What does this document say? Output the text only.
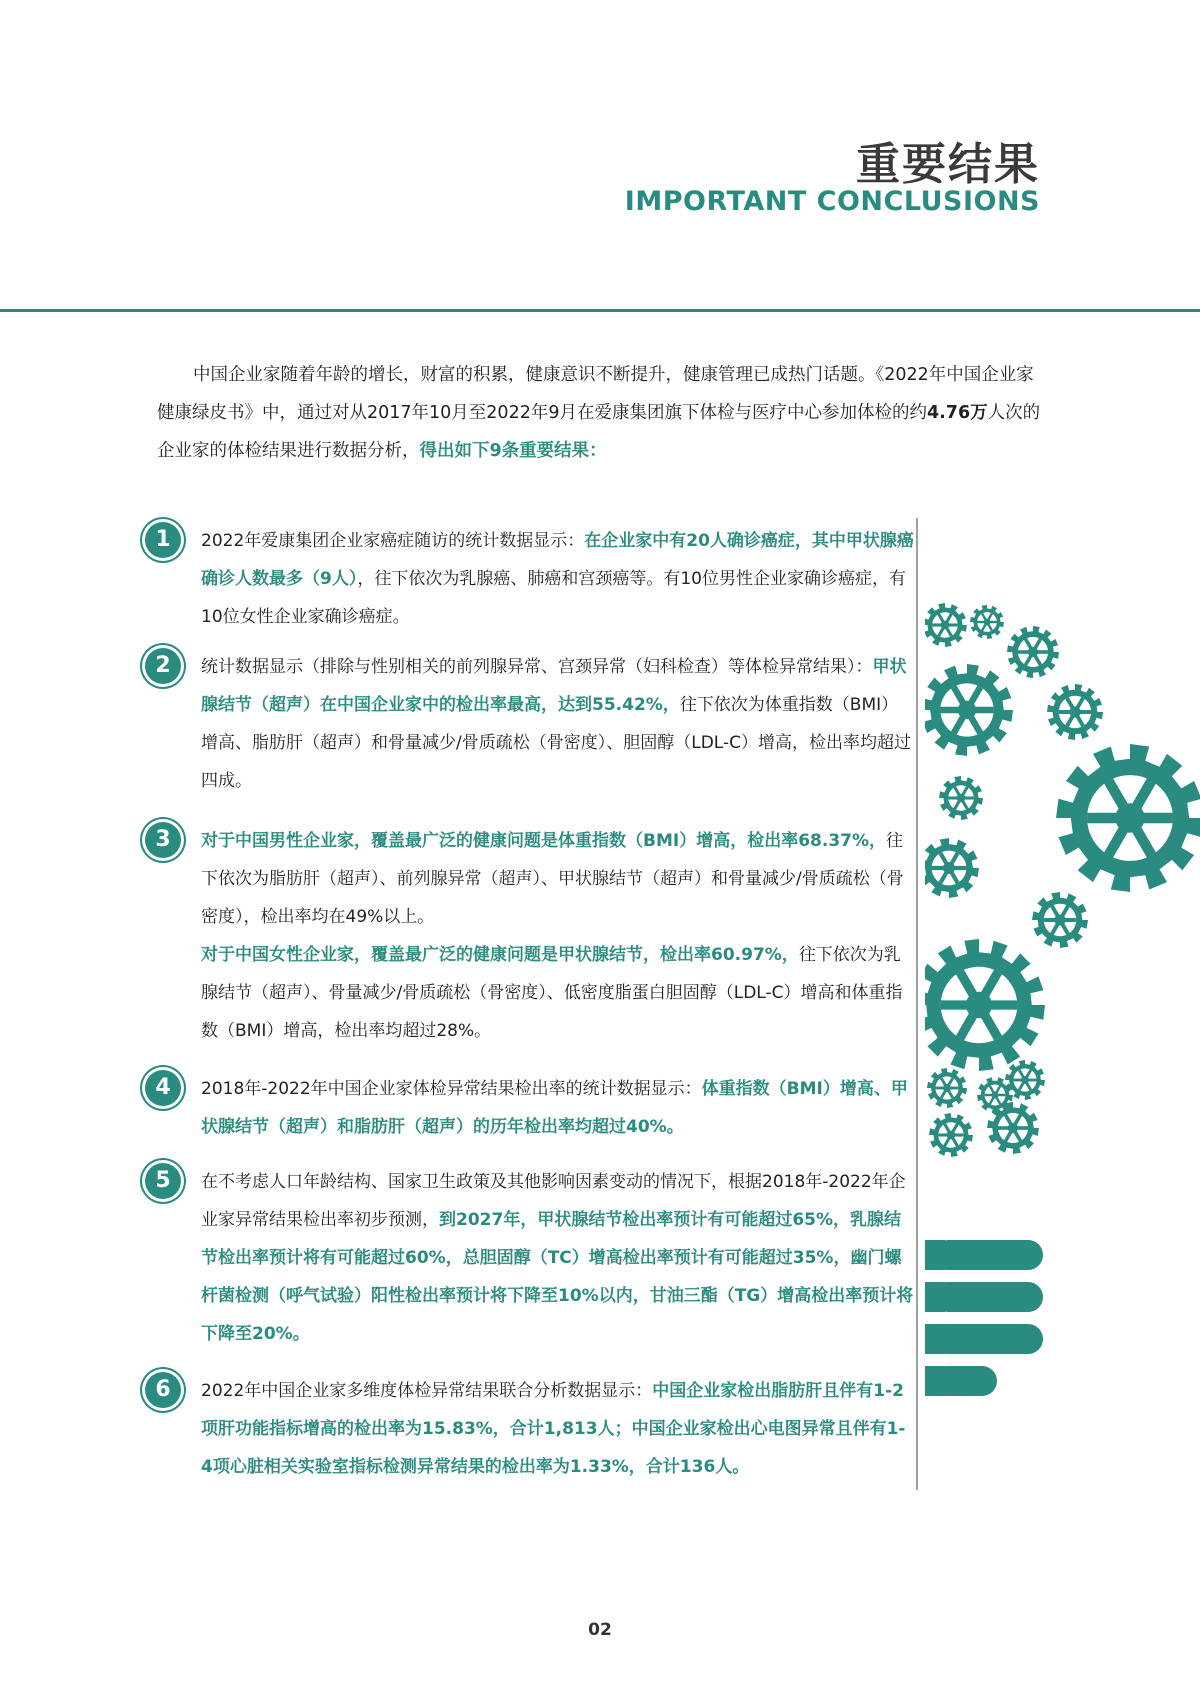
重要结果
IMPORTANT CONCLUSIONS

中国企业家随着年龄的增长，财富的积累，健康意识不断提升，健康管理已成热门话题。《2022年中国企业家健康绿皮书》中，通过对从2017年10月至2022年9月在爱康集团旗下体检与医疗中心参加体检的约4.76万人次的企业家的体检结果进行数据分析，得出如下9条重要结果：

1	2022年爱康集团企业家癌症随访的统计数据显示：在企业家中有20人确诊癌症，其中甲状腺癌确诊人数最多（9人），往下依次为乳腺癌、肺癌和宫颈癌等。有10位男性企业家确诊癌症，有10位女性企业家确诊癌症。

2	统计数据显示（排除与性别相关的前列腺异常、宫颈异常（妇科检查）等体检异常结果）：甲状腺结节（超声）在中国企业家中的检出率最高，达到55.42%，往下依次为体重指数（BMI）增高、脂肪肝（超声）和骨量减少/骨质疏松（骨密度）、胆固醇（LDL-C）增高，检出率均超过四成。

3	对于中国男性企业家，覆盖最广泛的健康问题是体重指数（BMI）增高，检出率68.37%，往下依次为脂肪肝（超声）、前列腺异常（超声）、甲状腺结节（超声）和骨量减少/骨质疏松（骨密度），检出率均在49%以上。
对于中国女性企业家，覆盖最广泛的健康问题是甲状腺结节，检出率60.97%，往下依次为乳腺结节（超声）、骨量减少/骨质疏松（骨密度）、低密度脂蛋白胆固醇（LDL-C）增高和体重指数（BMI）增高，检出率均超过28%。

4	2018年-2022年中国企业家体检异常结果检出率的统计数据显示：体重指数（BMI）增高、甲状腺结节（超声）和脂肪肝（超声）的历年检出率均超过40%。

5	在不考虑人口年龄结构、国家卫生政策及其他影响因素变动的情况下，根据2018年-2022年企业家异常结果检出率初步预测，到2027年，甲状腺结节检出率预计有可能超过65%，乳腺结节检出率预计将有可能超过60%，总胆固醇（TC）增高检出率预计有可能超过35%，幽门螺杆菌检测（呼气试验）阳性检出率预计将下降至10%以内，甘油三酯（TG）增高检出率预计将下降至20%。

6	2022年中国企业家多维度体检异常结果联合分析数据显示：中国企业家检出脂肪肝且伴有1-2项肝功能指标增高的检出率为15.83%，合计1,813人；中国企业家检出心电图异常且伴有1-4项心脏相关实验室指标检测异常结果的检出率为1.33%，合计136人。

02
